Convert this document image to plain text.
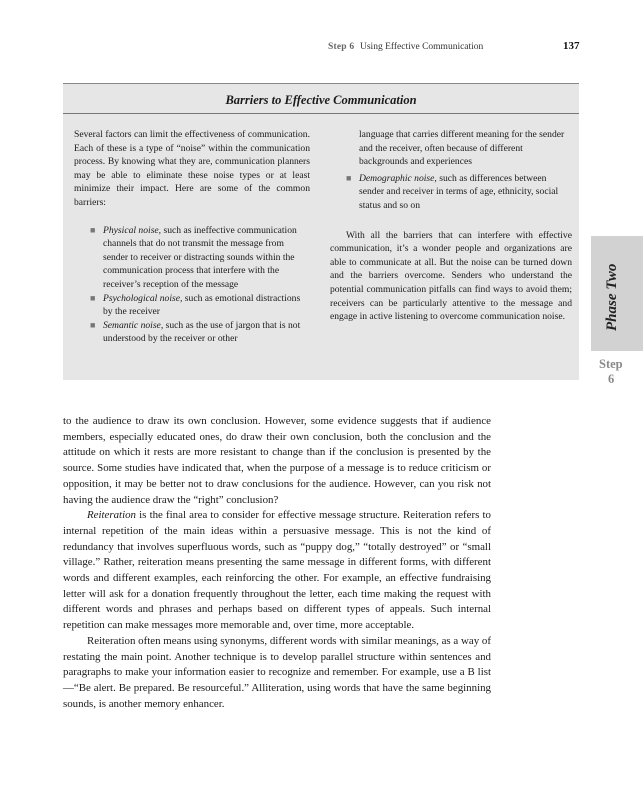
Step 6 Using Effective Communication	137
Barriers to Effective Communication

Several factors can limit the effectiveness of communication. Each of these is a type of “noise” within the communication process. By knowing what they are, communication planners may be able to eliminate these noise types or at least minimize their impact. Here are some of the common barriers:

■ Physical noise, such as ineffective communication channels that do not transmit the message from sender to receiver or distracting sounds within the communication process that interfere with the receiver’s reception of the message
■ Psychological noise, such as emotional distractions by the receiver
■ Semantic noise, such as the use of jargon that is not understood by the receiver or other

language that carries different meaning for the sender and the receiver, often because of different backgrounds and experiences

■ Demographic noise, such as differences between sender and receiver in terms of age, ethnicity, social status and so on

With all the barriers that can interfere with effective communication, it’s a wonder people and organizations are able to communicate at all. But the noise can be turned down and the barriers overcome. Senders who understand the potential communication pitfalls can find ways to avoid them; receivers can be particularly attentive to the message and engage in active listening to overcome communication noise.	Phase Two
Step
6

to the audience to draw its own conclusion. However, some evidence suggests that if audience members, especially educated ones, do draw their own conclusion, both the conclusion and the attitude on which it rests are more resistant to change than if the conclusion is presented by the source. Some studies have indicated that, when the purpose of a message is to reduce criticism or opposition, it may be better not to draw conclusions for the audience. However, can you risk not having the audience draw the “right” conclusion?

Reiteration is the final area to consider for effective message structure. Reiteration refers to internal repetition of the main ideas within a persuasive message. This is not the kind of redundancy that involves superfluous words, such as “puppy dog,” “totally destroyed” or “small village.” Rather, reiteration means presenting the same message in different forms, with different words and different examples, each reinforcing the other. For example, an effective fundraising letter will ask for a donation frequently throughout the letter, each time making the request with different words and phrases and perhaps based on different types of appeals. Such internal repetition can make messages more memorable and, over time, more acceptable.

Reiteration often means using synonyms, different words with similar meanings, as a way of restating the main point. Another technique is to develop parallel structure within sentences and paragraphs to make your information easier to recognize and remember. For example, use a B list—“Be alert. Be prepared. Be resourceful.” Alliteration, using words that have the same beginning sounds, is another memory enhancer.
